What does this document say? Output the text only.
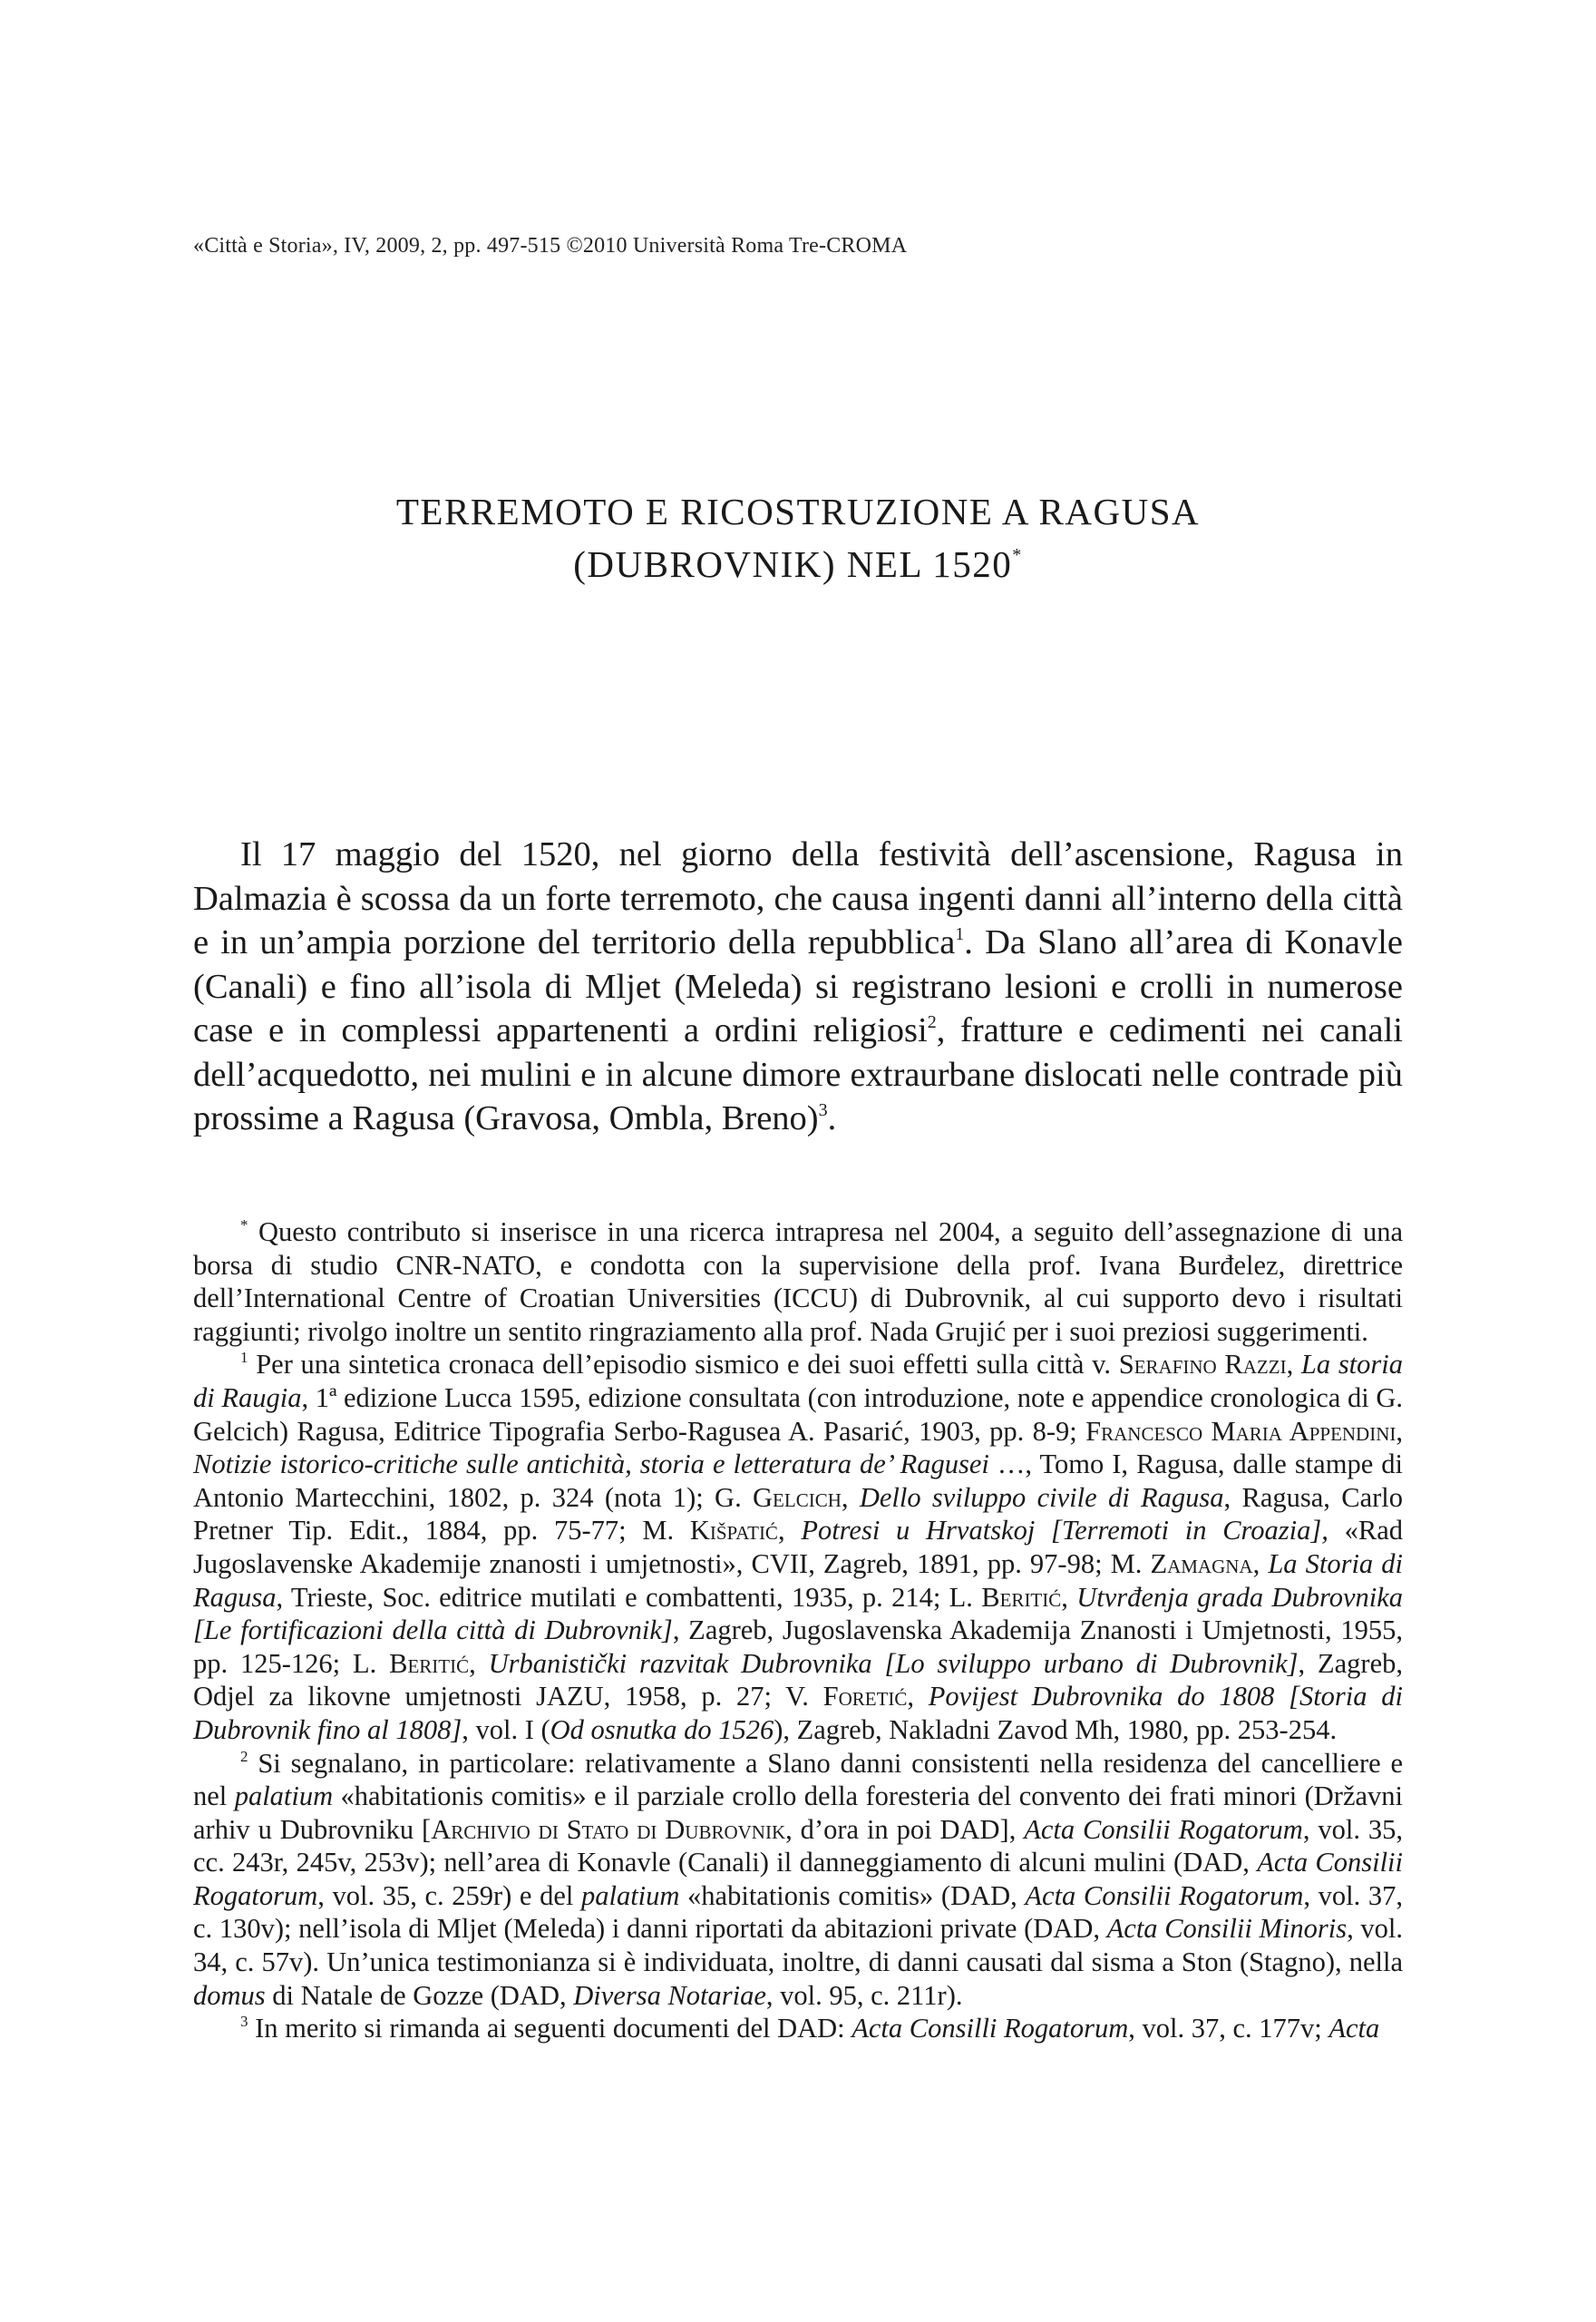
«Città e Storia», IV, 2009, 2, pp. 497-515 ©2010 Università Roma Tre-CROMA
TERREMOTO E RICOSTRUZIONE A RAGUSA
(DUBROVNIK) NEL 1520*

Il 17 maggio del 1520, nel giorno della festività dell’ascensione, Ragusa in Dalmazia è scossa da un forte terremoto, che causa ingenti danni all’interno della città e in un’ampia porzione del territorio della repubblica$^1$. Da Slano all’area di Konavle (Canali) e fino all’isola di Mljet (Meleda) si registrano lesioni e crolli in numerose case e in complessi appartenenti a ordini religiosi$^2$, fratture e cedimenti nei canali dell’acquedotto, nei mulini e in alcune dimore extraurbane dislocati nelle contrade più prossime a Ragusa (Gravosa, Ombla, Breno)$^3$.

* Questo contributo si inserisce in una ricerca intrapresa nel 2004, a seguito dell’assegnazione di una borsa di studio CNR-NATO, e condotta con la supervisione della prof. Ivana Burđelez, direttrice dell’International Centre of Croatian Universities (ICCU) di Dubrovnik, al cui supporto devo i risultati raggiunti; rivolgo inoltre un sentito ringraziamento alla prof. Nada Grujić per i suoi preziosi suggerimenti.

$^1$ Per una sintetica cronaca dell’episodio sismico e dei suoi effetti sulla città v. Serafino Razzi, La storia di Raugia, 1ª edizione Lucca 1595, edizione consultata (con introduzione, note e appendice cronologica di G. Gelcich) Ragusa, Editrice Tipografia Serbo-Ragusea A. Pasarić, 1903, pp. 8-9; Francesco Maria Appendini, Notizie istorico-critiche sulle antichità, storia e letteratura de’ Ragusei …, Tomo I, Ragusa, dalle stampe di Antonio Martecchini, 1802, p. 324 (nota 1); G. Gelcich, Dello sviluppo civile di Ragusa, Ragusa, Carlo Pretner Tip. Edit., 1884, pp. 75-77; M. Kišpatić, Potresi u Hrvatskoj [Terremoti in Croazia], «Rad Jugoslavenske Akademije znanosti i umjetnosti», CVII, Zagreb, 1891, pp. 97-98; M. Zamagna, La Storia di Ragusa, Trieste, Soc. editrice mutilati e combattenti, 1935, p. 214; L. Beritić, Utvrđenja grada Dubrovnika [Le fortificazioni della città di Dubrovnik], Zagreb, Jugoslavenska Akademija Znanosti i Umjetnosti, 1955, pp. 125-126; L. Beritić, Urbanistički razvitak Dubrovnika [Lo sviluppo urbano di Dubrovnik], Zagreb, Odjel za likovne umjetnosti JAZU, 1958, p. 27; V. Foretić, Povijest Dubrovnika do 1808 [Storia di Dubrovnik fino al 1808], vol. I (Od osnutka do 1526), Zagreb, Nakladni Zavod Mh, 1980, pp. 253-254.

$^2$ Si segnalano, in particolare: relativamente a Slano danni consistenti nella residenza del cancelliere e nel palatium «habitationis comitis» e il parziale crollo della foresteria del convento dei frati minori (Državni arhiv u Dubrovniku [Archivio di Stato di Dubrovnik, d’ora in poi DAD], Acta Consilii Rogatorum, vol. 35, cc. 243r, 245v, 253v); nell’area di Konavle (Canali) il danneggiamento di alcuni mulini (DAD, Acta Consilii Rogatorum, vol. 35, c. 259r) e del palatium «habitationis comitis» (DAD, Acta Consilii Rogatorum, vol. 37, c. 130v); nell’isola di Mljet (Meleda) i danni riportati da abitazioni private (DAD, Acta Consilii Minoris, vol. 34, c. 57v). Un’unica testimonianza si è individuata, inoltre, di danni causati dal sisma a Ston (Stagno), nella domus di Natale de Gozze (DAD, Diversa Notariae, vol. 95, c. 211r).

$^3$ In merito si rimanda ai seguenti documenti del DAD: Acta Consilli Rogatorum, vol. 37, c. 177v; Acta
